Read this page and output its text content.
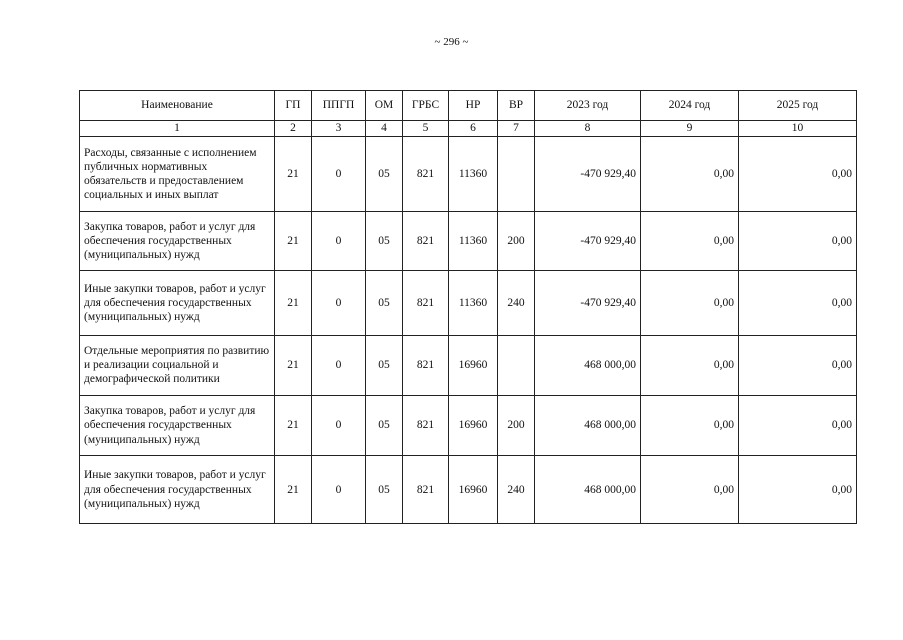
~ 296 ~
Наименование	ГП	ППГП	ОМ	ГРБС	НР	ВР	2023 год	2024 год	2025 год
1	2	3	4	5	6	7	8	9	10
Расходы, связанные с исполнением публичных нормативных обязательств и предоставлением социальных и иных выплат	21	0	05	821	11360		-470 929,40	0,00	0,00
Закупка товаров, работ и услуг для обеспечения государственных (муниципальных) нужд	21	0	05	821	11360	200	-470 929,40	0,00	0,00
Иные закупки товаров, работ и услуг для обеспечения государственных (муниципальных) нужд	21	0	05	821	11360	240	-470 929,40	0,00	0,00
Отдельные мероприятия по развитию и реализации социальной и демографической политики	21	0	05	821	16960		468 000,00	0,00	0,00
Закупка товаров, работ и услуг для обеспечения государственных (муниципальных) нужд	21	0	05	821	16960	200	468 000,00	0,00	0,00
Иные закупки товаров, работ и услуг для обеспечения государственных (муниципальных) нужд	21	0	05	821	16960	240	468 000,00	0,00	0,00
